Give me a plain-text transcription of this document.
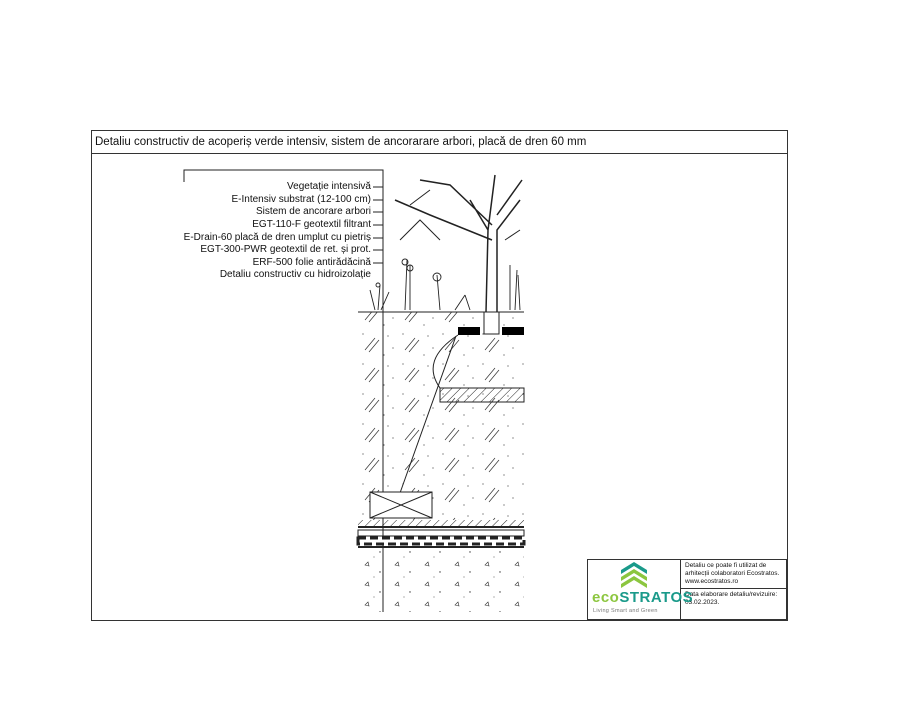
Detaliu constructiv de acoperiș verde intensiv, sistem de ancorarare arbori, placă de dren 60 mm
Vegetație intensivă
E-Intensiv substrat (12-100 cm)
Sistem de ancorare arbori
EGT-110-F geotextil filtrant
E-Drain-60 placă de dren umplut cu pietriș
EGT-300-PWR geotextil de ret. și prot.
ERF-500 folie antirădăcină
Detaliu constructiv cu hidroizolație
ecoSTRATOS
Living Smart and Green
Detaliu ce poate fi utilizat de arhitecții colaboratori Ecostratos.
www.ecostratos.ro
Data elaborare detaliu/revizuire:
03.02.2023.
